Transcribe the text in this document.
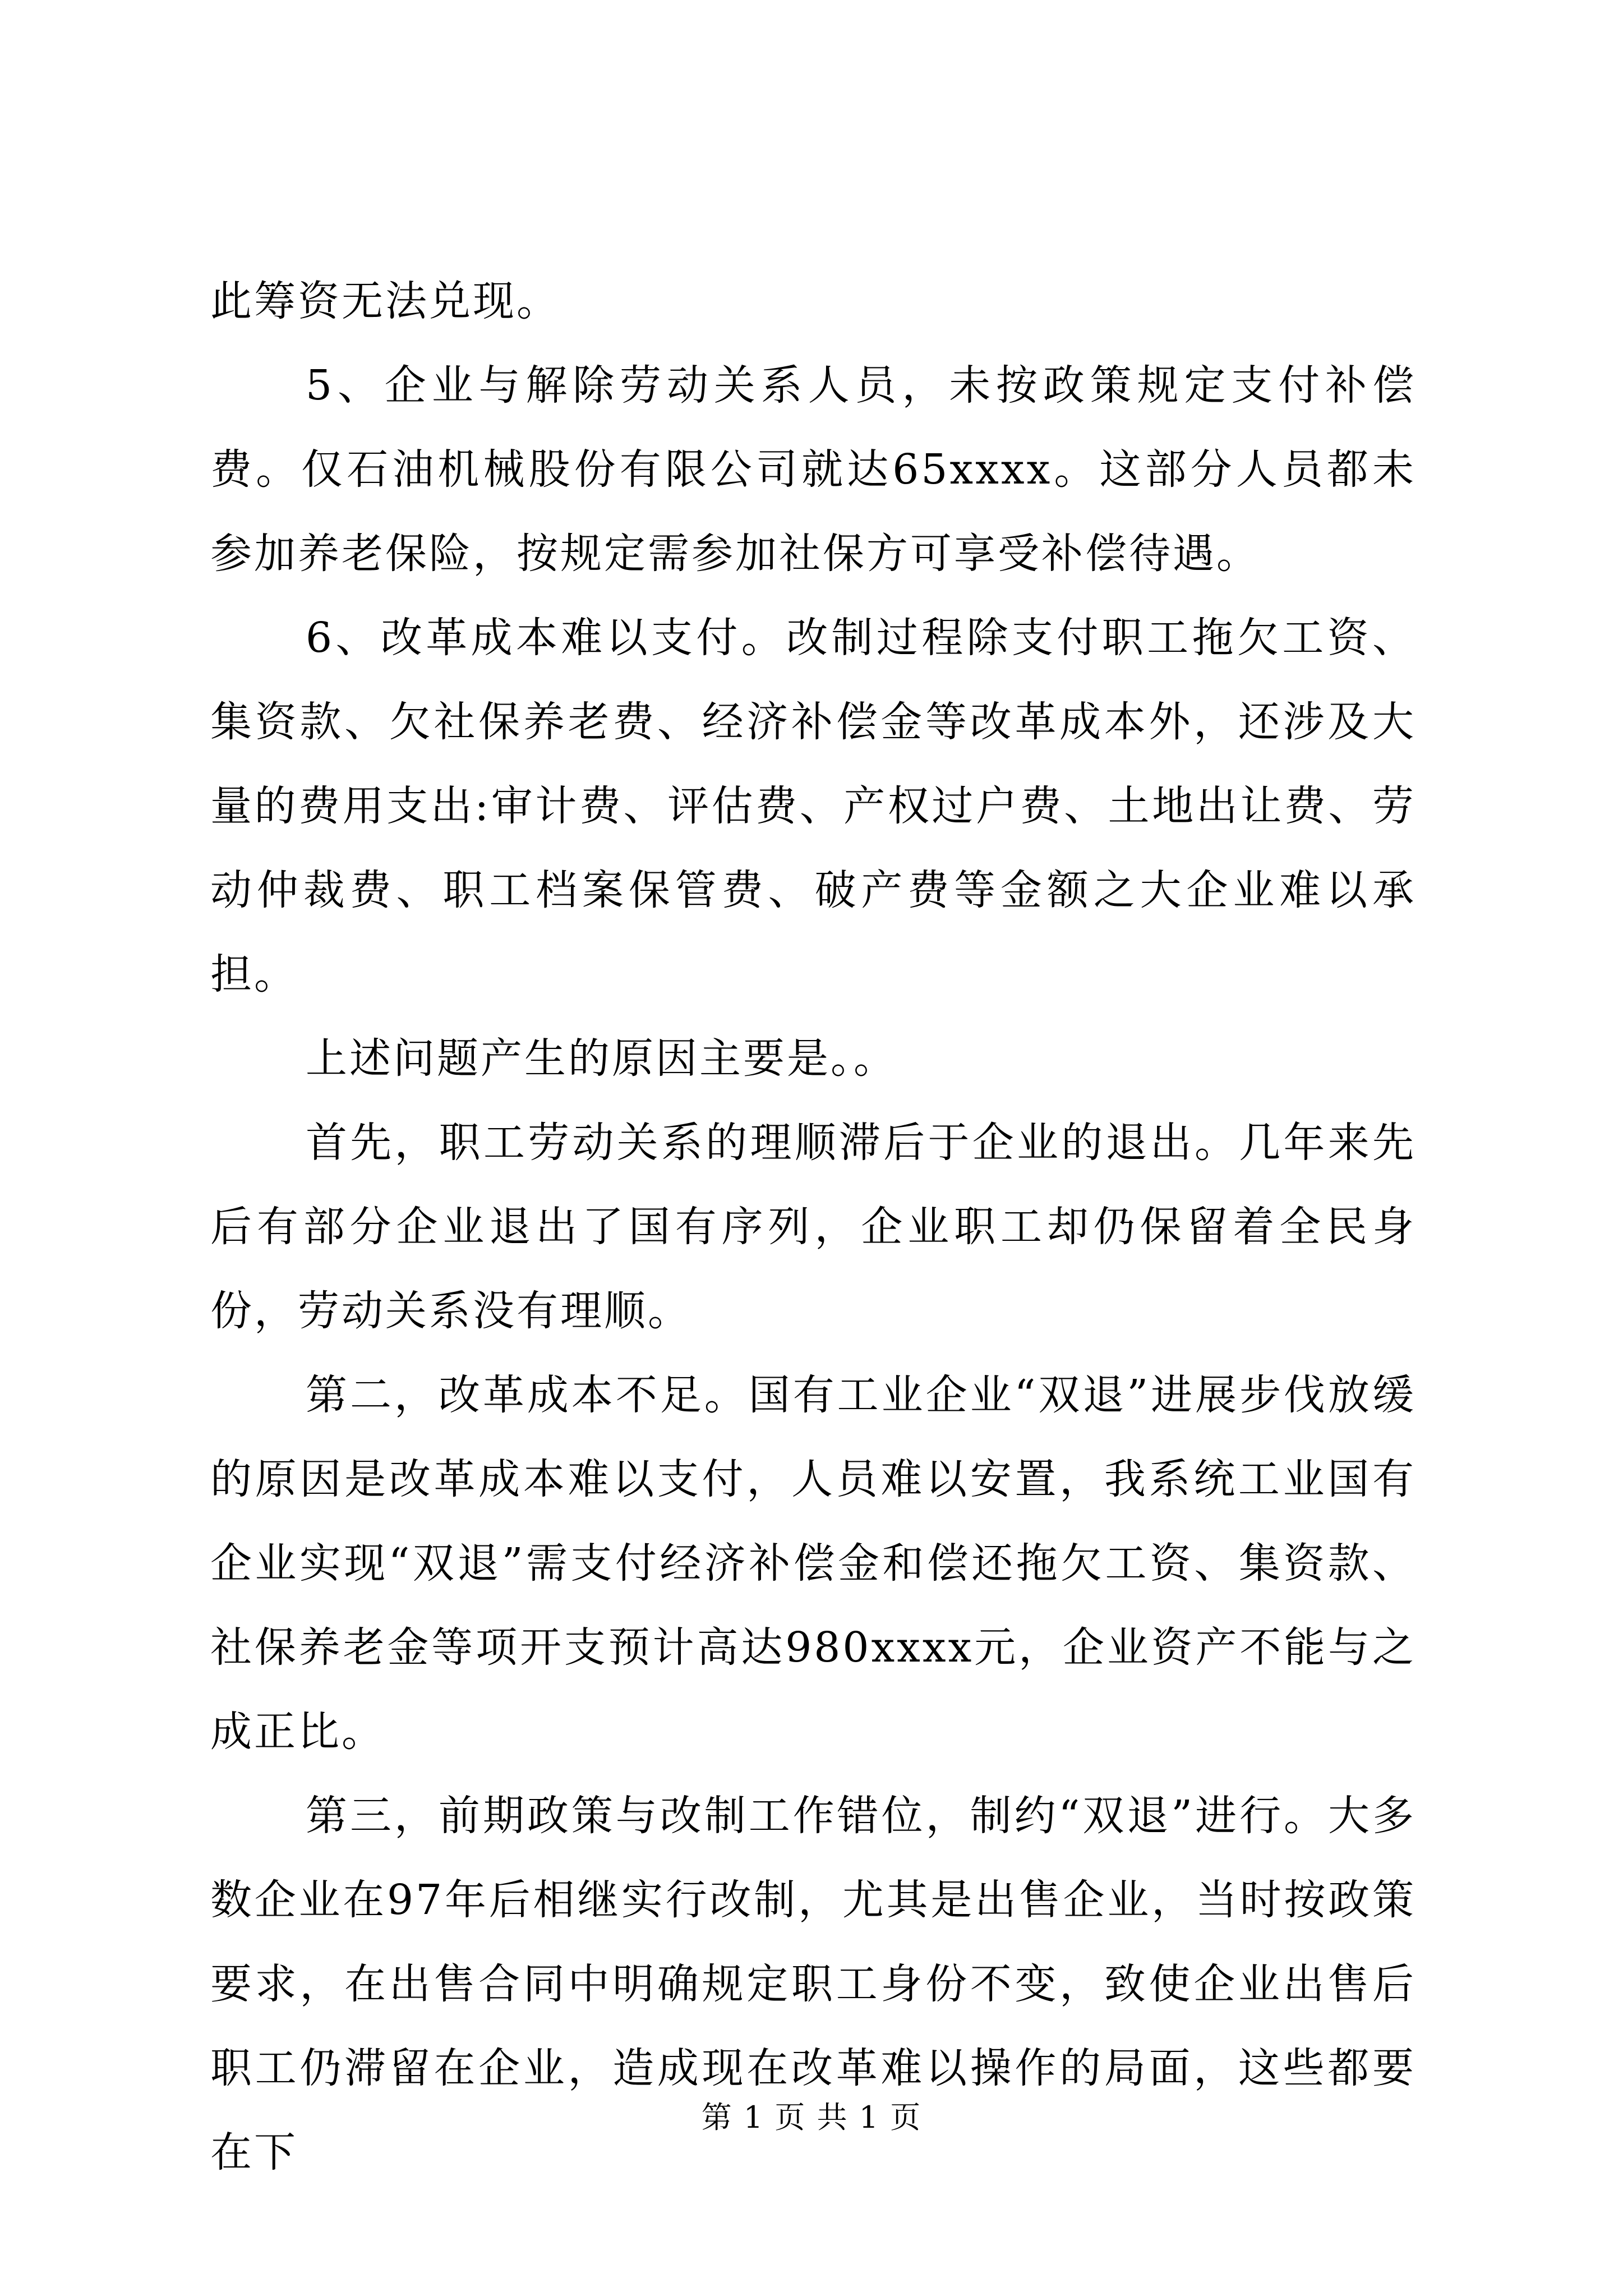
此筹资无法兑现。

5、企业与解除劳动关系人员，未按政策规定支付补偿费。仅石油机械股份有限公司就达65xxxx。这部分人员都未参加养老保险，按规定需参加社保方可享受补偿待遇。

6、改革成本难以支付。改制过程除支付职工拖欠工资、集资款、欠社保养老费、经济补偿金等改革成本外，还涉及大量的费用支出:审计费、评估费、产权过户费、土地出让费、劳动仲裁费、职工档案保管费、破产费等金额之大企业难以承担。

上述问题产生的原因主要是。。

首先，职工劳动关系的理顺滞后于企业的退出。几年来先后有部分企业退出了国有序列，企业职工却仍保留着全民身份，劳动关系没有理顺。

第二，改革成本不足。国有工业企业“双退”进展步伐放缓的原因是改革成本难以支付，人员难以安置，我系统工业国有企业实现“双退”需支付经济补偿金和偿还拖欠工资、集资款、社保养老金等项开支预计高达980xxxx元，企业资产不能与之成正比。

第三，前期政策与改制工作错位，制约“双退”进行。大多数企业在97年后相继实行改制，尤其是出售企业，当时按政策要求，在出售合同中明确规定职工身份不变，致使企业出售后职工仍滞留在企业，造成现在改革难以操作的局面，这些都要在下

第 1 页 共 1 页
